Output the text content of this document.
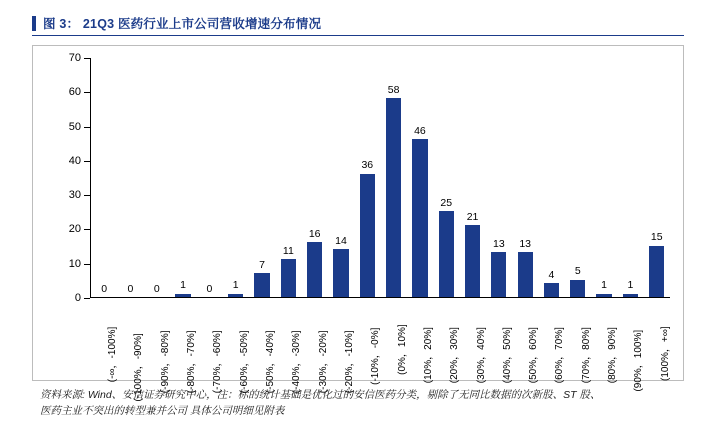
图 3： 21Q3 医药行业上市公司营收增速分布情况
0
10
20
30
40
50
60
70
0 0 0 1 0 1
7
11
16
14
36
58
46
25
21
13 13
4 5
1 1
15
(-∞，-100%] (-100%，-90%] (-90%，-80%] (-80%，-70%] (-70%，-60%] (-60%，-50%] (-50%，-40%] (-40%，-30%] (-30%，-20%] (-20%，-10%] (-10%，-0%] (0%，10%] (10%，20%] (20%，30%] (30%，40%] (40%，50%] (50%，60%] (60%，70%] (70%，80%] (80%，90%] (90%，100%] (100%，+∞]
资料来源: Wind、安信证券研究中心，注：标的统计基础是优化过的安信医药分类，剔除了无同比数据的次新股、ST 股、
医药主业不突出的转型兼并公司 具体公司明细见附表
